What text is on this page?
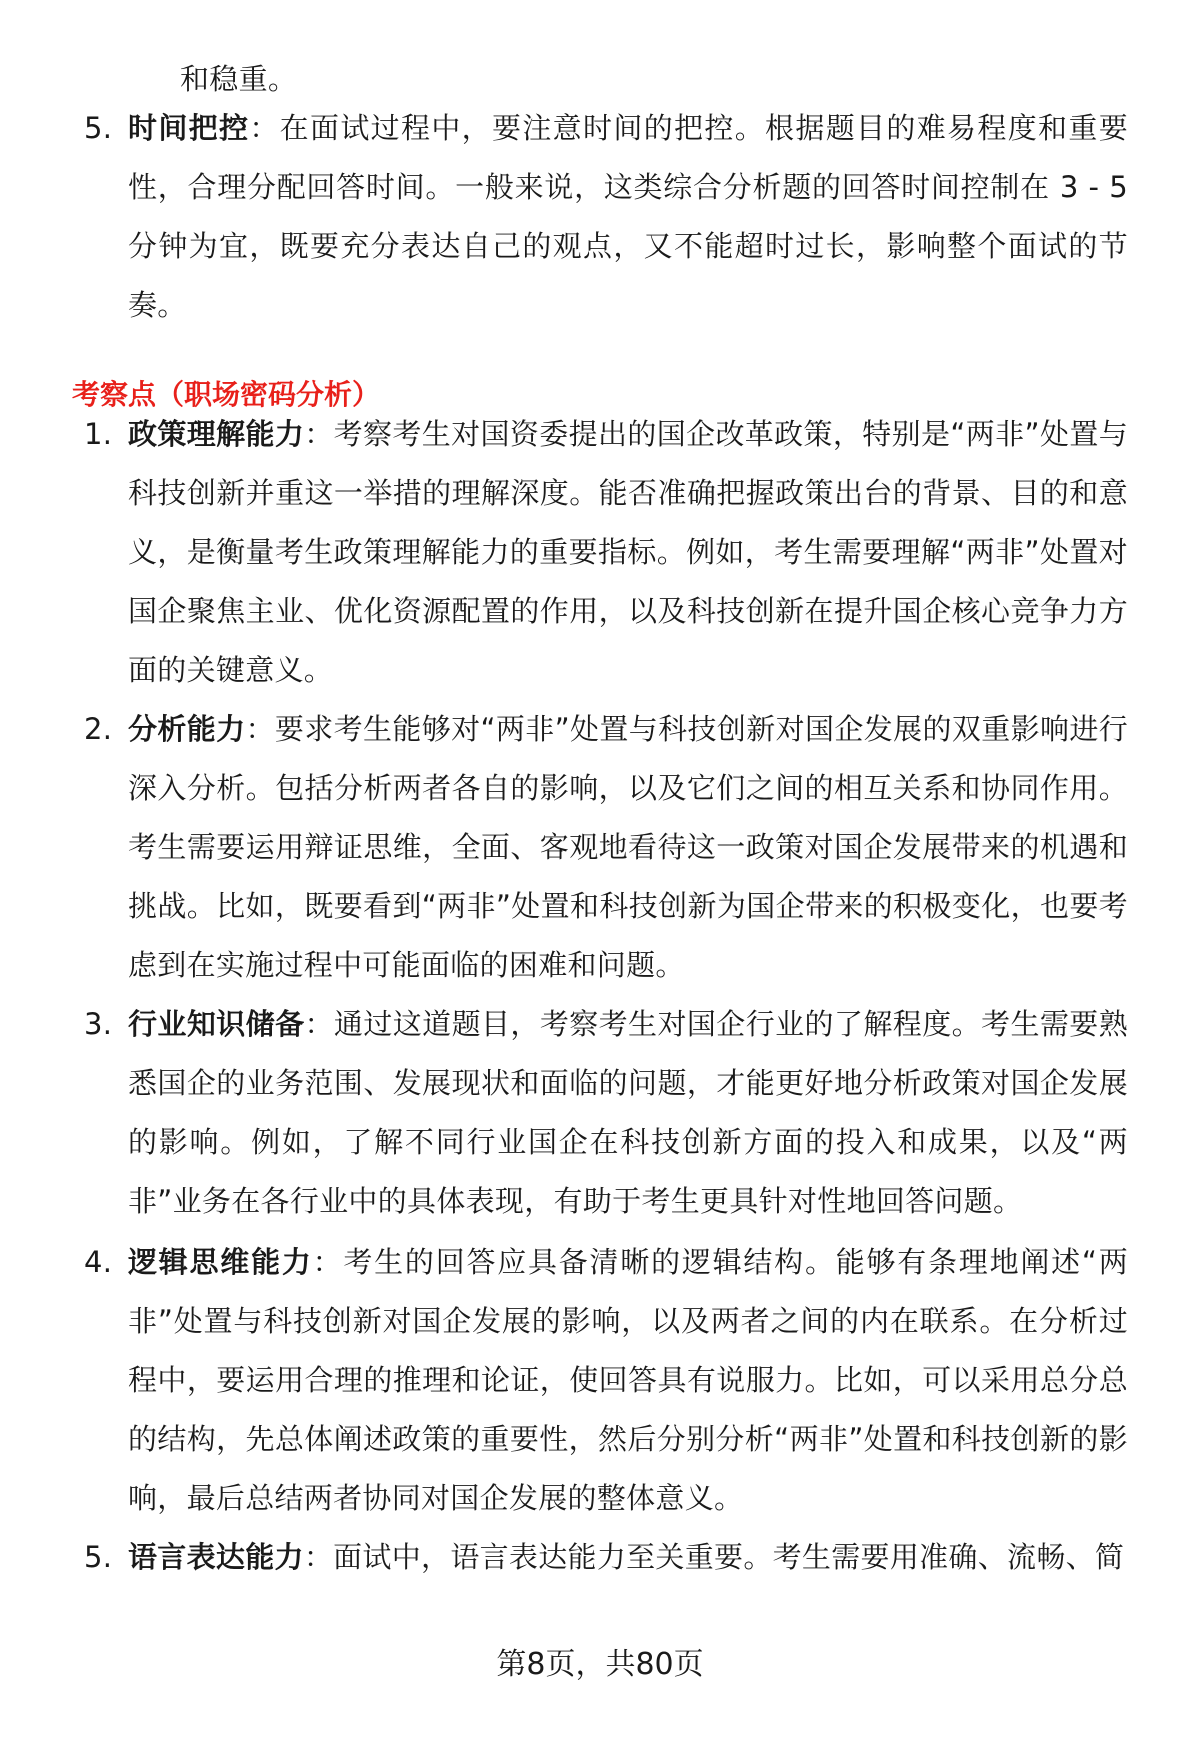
和稳重。
5. 时间把控：在面试过程中，要注意时间的把控。根据题目的难易程度和重要性，合理分配回答时间。一般来说，这类综合分析题的回答时间控制在 3 - 5 分钟为宜，既要充分表达自己的观点，又不能超时过长，影响整个面试的节奏。
考察点（职场密码分析）
1. 政策理解能力：考察考生对国资委提出的国企改革政策，特别是“两非”处置与科技创新并重这一举措的理解深度。能否准确把握政策出台的背景、目的和意义，是衡量考生政策理解能力的重要指标。例如，考生需要理解“两非”处置对国企聚焦主业、优化资源配置的作用，以及科技创新在提升国企核心竞争力方面的关键意义。
2. 分析能力：要求考生能够对“两非”处置与科技创新对国企发展的双重影响进行深入分析。包括分析两者各自的影响，以及它们之间的相互关系和协同作用。考生需要运用辩证思维，全面、客观地看待这一政策对国企发展带来的机遇和挑战。比如，既要看到“两非”处置和科技创新为国企带来的积极变化，也要考虑到在实施过程中可能面临的困难和问题。
3. 行业知识储备：通过这道题目，考察考生对国企行业的了解程度。考生需要熟悉国企的业务范围、发展现状和面临的问题，才能更好地分析政策对国企发展的影响。例如，了解不同行业国企在科技创新方面的投入和成果，以及“两非”业务在各行业中的具体表现，有助于考生更具针对性地回答问题。
4. 逻辑思维能力：考生的回答应具备清晰的逻辑结构。能够有条理地阐述“两非”处置与科技创新对国企发展的影响，以及两者之间的内在联系。在分析过程中，要运用合理的推理和论证，使回答具有说服力。比如，可以采用总分总的结构，先总体阐述政策的重要性，然后分别分析“两非”处置和科技创新的影响，最后总结两者协同对国企发展的整体意义。
5. 语言表达能力：面试中，语言表达能力至关重要。考生需要用准确、流畅、简
第8页，共80页
